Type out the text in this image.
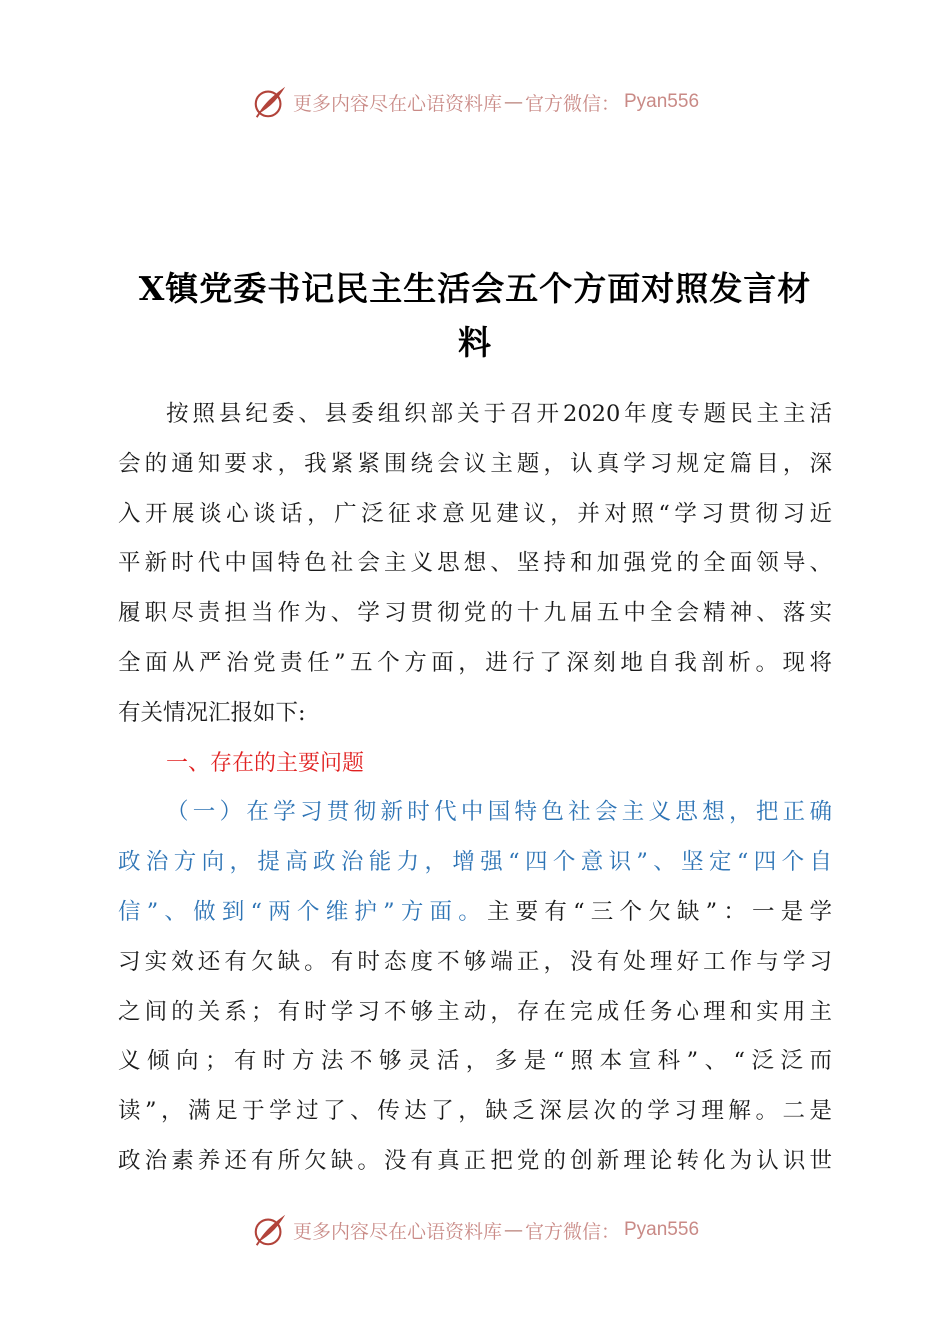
更多内容尽在心语资料库 — 官方微信： Pyan556
X镇党委书记民主生活会五个方面对照发言材
料
按照县纪委、县委组织部关于召开2020年度专题民主主活
会的通知要求，我紧紧围绕会议主题，认真学习规定篇目，深
入开展谈心谈话，广泛征求意见建议，并对照“学习贯彻习近
平新时代中国特色社会主义思想、坚持和加强党的全面领导、
履职尽责担当作为、学习贯彻党的十九届五中全会精神、落实
全面从严治党责任”五个方面，进行了深刻地自我剖析。现将
有关情况汇报如下:
一、存在的主要问题
（一）在学习贯彻新时代中国特色社会主义思想，把正确
政治方向，提高政治能力，增强“四个意识”、坚定“四个自
信”、做到“两个维护”方面。主要有“三个欠缺”：一是学
习实效还有欠缺。有时态度不够端正，没有处理好工作与学习
之间的关系；有时学习不够主动，存在完成任务心理和实用主
义倾向；有时方法不够灵活，多是“照本宣科”、“泛泛而
读”，满足于学过了、传达了，缺乏深层次的学习理解。二是
政治素养还有所欠缺。没有真正把党的创新理论转化为认识世
更多内容尽在心语资料库 — 官方微信： Pyan556
